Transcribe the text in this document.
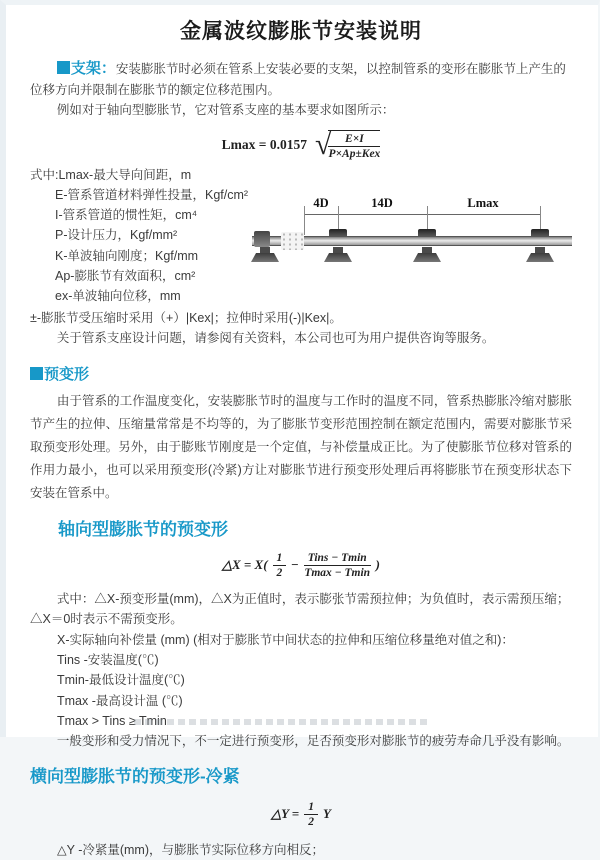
金属波纹膨胀节安装说明

支架：安装膨胀节时必须在管系上安装必要的支架，以控制管系的变形在膨胀节上产生的位移方向并限制在膨胀节的额定位移范围内。

例如对于轴向型膨胀节，它对管系支座的基本要求如图所示：

Lmax = 0.0157 √
$\frac{E\times I}{\text{P×Ap±Kex}}$
式中:Lmax-最大导向间距，m
E-管系管道材料弹性投量，Kgf/cm²
I-管系管道的惯性矩，cm⁴
P-设计压力，Kgf/mm²
K-单波轴向刚度；Kgf/mm
Ap-膨胀节有效面积，cm²
ex-单波轴向位移，mm

±-膨胀节受压缩时采用（+）|Kex|；拉伸时采用(-)|Kex|。

关于管系支座设计问题，请参阅有关资料，本公司也可为用户提供咨询等服务。

预变形

由于管系的工作温度变化，安装膨胀节时的温度与工作时的温度不同，管系热膨胀冷缩对膨胀节产生的拉伸、压缩量常常是不均等的，为了膨胀节变形范围控制在额定范围内，需要对膨胀节采取预变形处理。另外，由于膨账节刚度是一个定值，与补偿量成正比。为了使膨胀节位移对管系的作用力最小，也可以采用预变形(冷紧)方让对膨胀节进行预变形处理后再将膨胀节在预变形状态下安装在管系中。

轴向型膨胀节的预变形
△X = $X( \frac{1}{2} - \frac{\text{Tins − Tmin}}{Tmax - Tmin}$ )

式中：△X-预变形量(mm)，△X为正值时，表示膨张节需预拉伸；为负值时，表示需预压缩；△X＝0时表示不需预变形。

X-实际轴向补偿量 (mm) (相对于膨胀节中间状态的拉伸和压缩位移量绝对值之和)：

Tins -安装温度(℃)
Tmin-最低设计温度(℃)
Tmax -最高设计温 (℃)
Tmax > Tins ≥ Tmin

一般变形和受力情况下，不一定进行预变形，足否预变形对膨胀节的疲劳寿命几乎没有影响。

横向型膨胀节的预变形-冷紧
△Y = $\frac{1}{2}$ Y

△Y -冷紧量(mm)，与膨胀节实际位移方向相反；

4D	14D	Lmax
